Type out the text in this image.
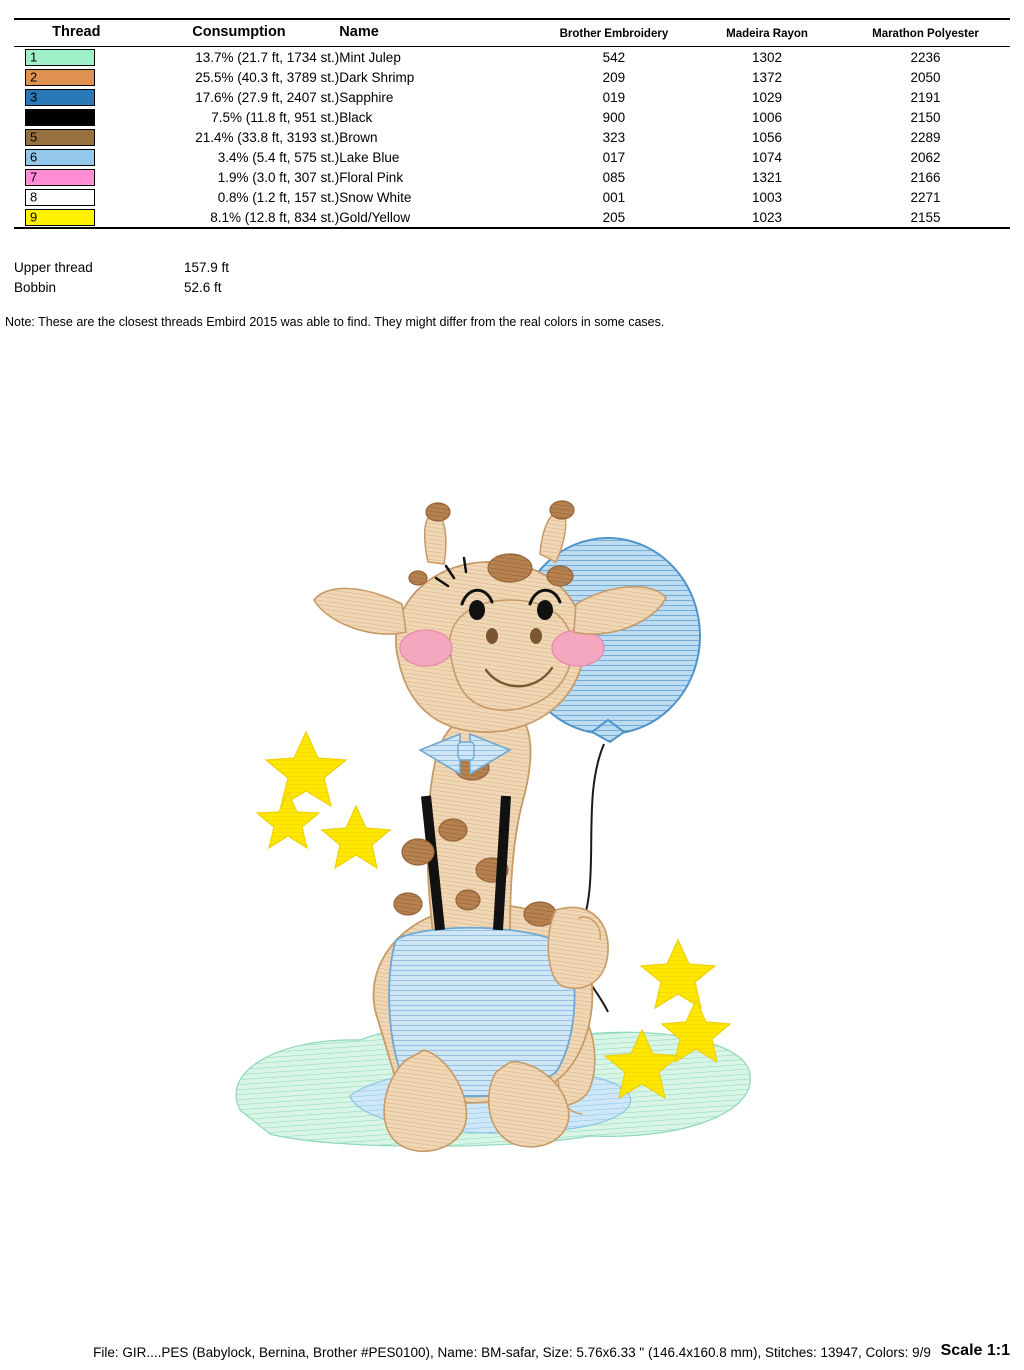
Thread	Consumption	Name	Brother Embroidery	Madeira Rayon	Marathon Polyester
1	13.7% (21.7 ft, 1734 st.)	Mint Julep	542	1302	2236

2	25.5% (40.3 ft, 3789 st.)	Dark Shrimp	209	1372	2050

3	17.6% (27.9 ft, 2407 st.)	Sapphire	019	1029	2191

4	7.5% (11.8 ft, 951 st.)	Black	900	1006	2150

5	21.4% (33.8 ft, 3193 st.)	Brown	323	1056	2289

6	3.4% (5.4 ft, 575 st.)	Lake Blue	017	1074	2062

7	1.9% (3.0 ft, 307 st.)	Floral Pink	085	1321	2166

8	0.8% (1.2 ft, 157 st.)	Snow White	001	1003	2271

9	8.1% (12.8 ft, 834 st.)	Gold/Yellow	205	1023	2155
Upper thread	157.9 ft
Bobbin	52.6 ft
Note: These are the closest threads Embird 2015 was able to find. They might differ from the real colors in some cases.
File: GIR....PES (Babylock, Bernina, Brother #PES0100), Name: BM-safar, Size: 5.76x6.33 " (146.4x160.8 mm), Stitches: 13947, Colors: 9/9 Scale 1:1
